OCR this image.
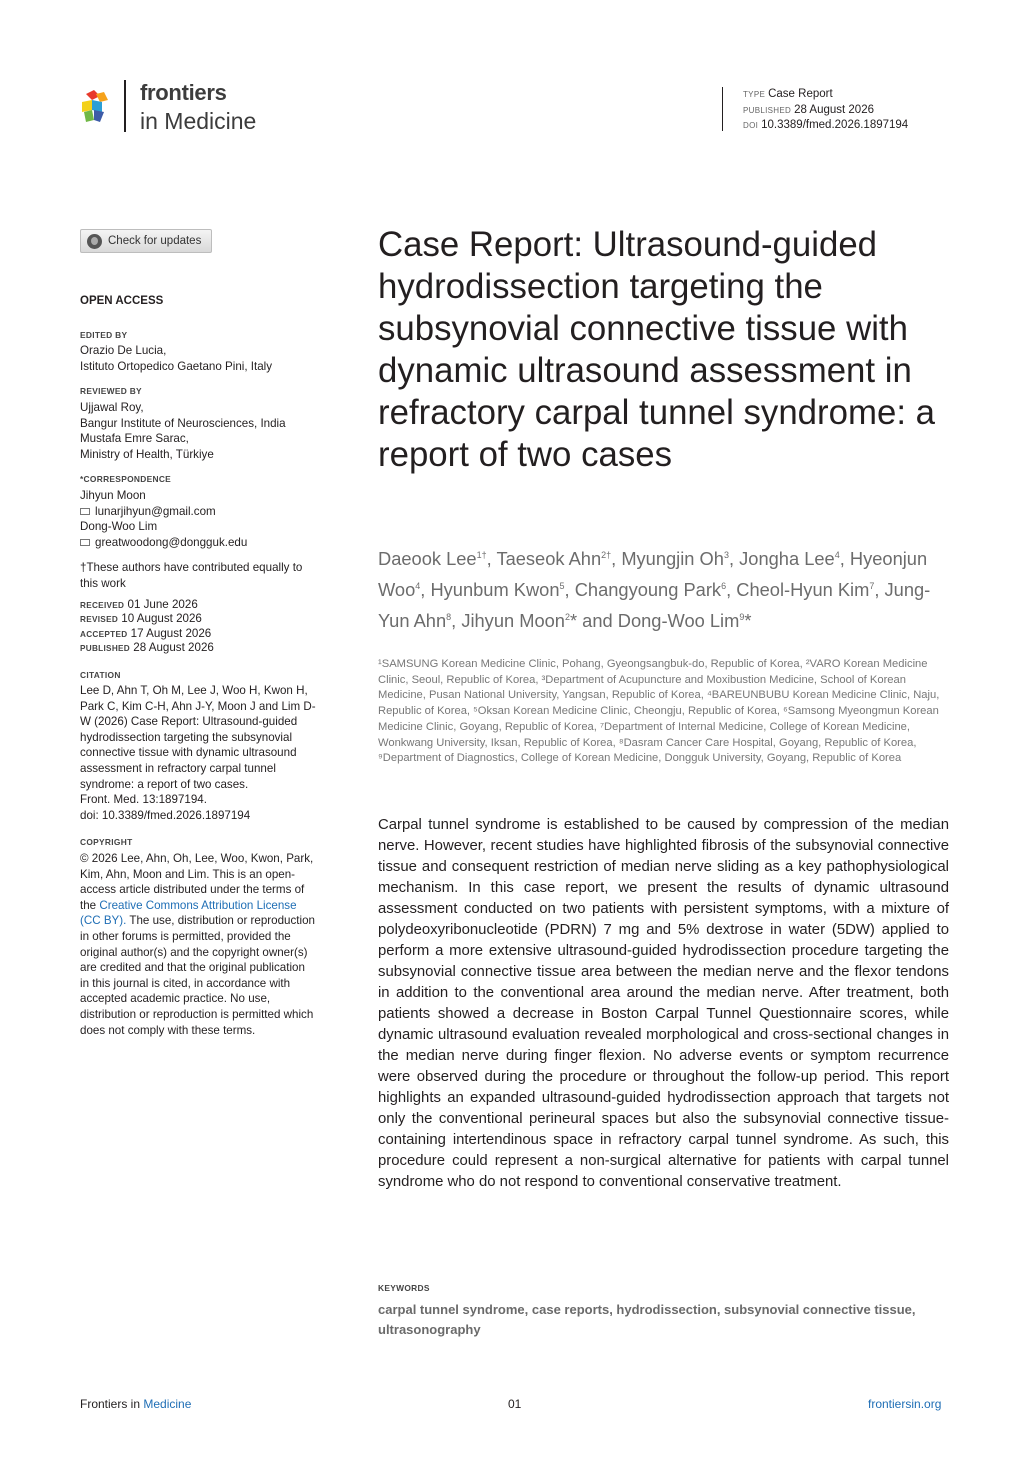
frontiers
in Medicine
TYPE Case Report
PUBLISHED 28 August 2026
DOI 10.3389/fmed.2026.1897194
Check for updates
OPEN ACCESS
EDITED BY
Orazio De Lucia,
Istituto Ortopedico Gaetano Pini, Italy
REVIEWED BY
Ujjawal Roy,
Bangur Institute of Neurosciences, India
Mustafa Emre Sarac,
Ministry of Health, Türkiye
*CORRESPONDENCE
Jihyun Moon
lunarjihyun@gmail.com
Dong-Woo Lim
greatwoodong@dongguk.edu
†These authors have contributed equally to this work
RECEIVED 01 June 2026
REVISED 10 August 2026
ACCEPTED 17 August 2026
PUBLISHED 28 August 2026
CITATION
Lee D, Ahn T, Oh M, Lee J, Woo H, Kwon H, Park C, Kim C-H, Ahn J-Y, Moon J and Lim D-W (2026) Case Report: Ultrasound-guided hydrodissection targeting the subsynovial connective tissue with dynamic ultrasound assessment in refractory carpal tunnel syndrome: a report of two cases.
Front. Med. 13:1897194.
doi: 10.3389/fmed.2026.1897194
COPYRIGHT
© 2026 Lee, Ahn, Oh, Lee, Woo, Kwon, Park, Kim, Ahn, Moon and Lim. This is an open-access article distributed under the terms of the Creative Commons Attribution License (CC BY). The use, distribution or reproduction in other forums is permitted, provided the original author(s) and the copyright owner(s) are credited and that the original publication in this journal is cited, in accordance with accepted academic practice. No use, distribution or reproduction is permitted which does not comply with these terms.
Case Report: Ultrasound-guided hydrodissection targeting the subsynovial connective tissue with dynamic ultrasound assessment in refractory carpal tunnel syndrome: a report of two cases
Daeook Lee$^{1\dagger}$, Taeseok Ahn$^{2\dagger}$, Myungjin Oh$^3$, Jongha Lee$^4$, Hyeonjun Woo$^4$, Hyunbum Kwon$^5$, Changyoung Park$^6$, Cheol-Hyun Kim$^7$, Jung-Yun Ahn$^8$, Jihyun Moon$^2$* and Dong-Woo Lim$^9$*
¹SAMSUNG Korean Medicine Clinic, Pohang, Gyeongsangbuk-do, Republic of Korea, ²VARO Korean Medicine Clinic, Seoul, Republic of Korea, ³Department of Acupuncture and Moxibustion Medicine, School of Korean Medicine, Pusan National University, Yangsan, Republic of Korea, ⁴BAREUNBUBU Korean Medicine Clinic, Naju, Republic of Korea, ⁵Oksan Korean Medicine Clinic, Cheongju, Republic of Korea, ⁶Samsong Myeongmun Korean Medicine Clinic, Goyang, Republic of Korea, ⁷Department of Internal Medicine, College of Korean Medicine, Wonkwang University, Iksan, Republic of Korea, ⁸Dasram Cancer Care Hospital, Goyang, Republic of Korea, ⁹Department of Diagnostics, College of Korean Medicine, Dongguk University, Goyang, Republic of Korea
Carpal tunnel syndrome is established to be caused by compression of the median nerve. However, recent studies have highlighted fibrosis of the subsynovial connective tissue and consequent restriction of median nerve sliding as a key pathophysiological mechanism. In this case report, we present the results of dynamic ultrasound assessment conducted on two patients with persistent symptoms, with a mixture of polydeoxyribonucleotide (PDRN) 7 mg and 5% dextrose in water (5DW) applied to perform a more extensive ultrasound-guided hydrodissection procedure targeting the subsynovial connective tissue area between the median nerve and the flexor tendons in addition to the conventional area around the median nerve. After treatment, both patients showed a decrease in Boston Carpal Tunnel Questionnaire scores, while dynamic ultrasound evaluation revealed morphological and cross-sectional changes in the median nerve during finger flexion. No adverse events or symptom recurrence were observed during the procedure or throughout the follow-up period. This report highlights an expanded ultrasound-guided hydrodissection approach that targets not only the conventional perineural spaces but also the subsynovial connective tissue-containing intertendinous space in refractory carpal tunnel syndrome. As such, this procedure could represent a non-surgical alternative for patients with carpal tunnel syndrome who do not respond to conventional conservative treatment.
KEYWORDS
carpal tunnel syndrome, case reports, hydrodissection, subsynovial connective tissue, ultrasonography
Frontiers in Medicine	01	frontiersin.org
